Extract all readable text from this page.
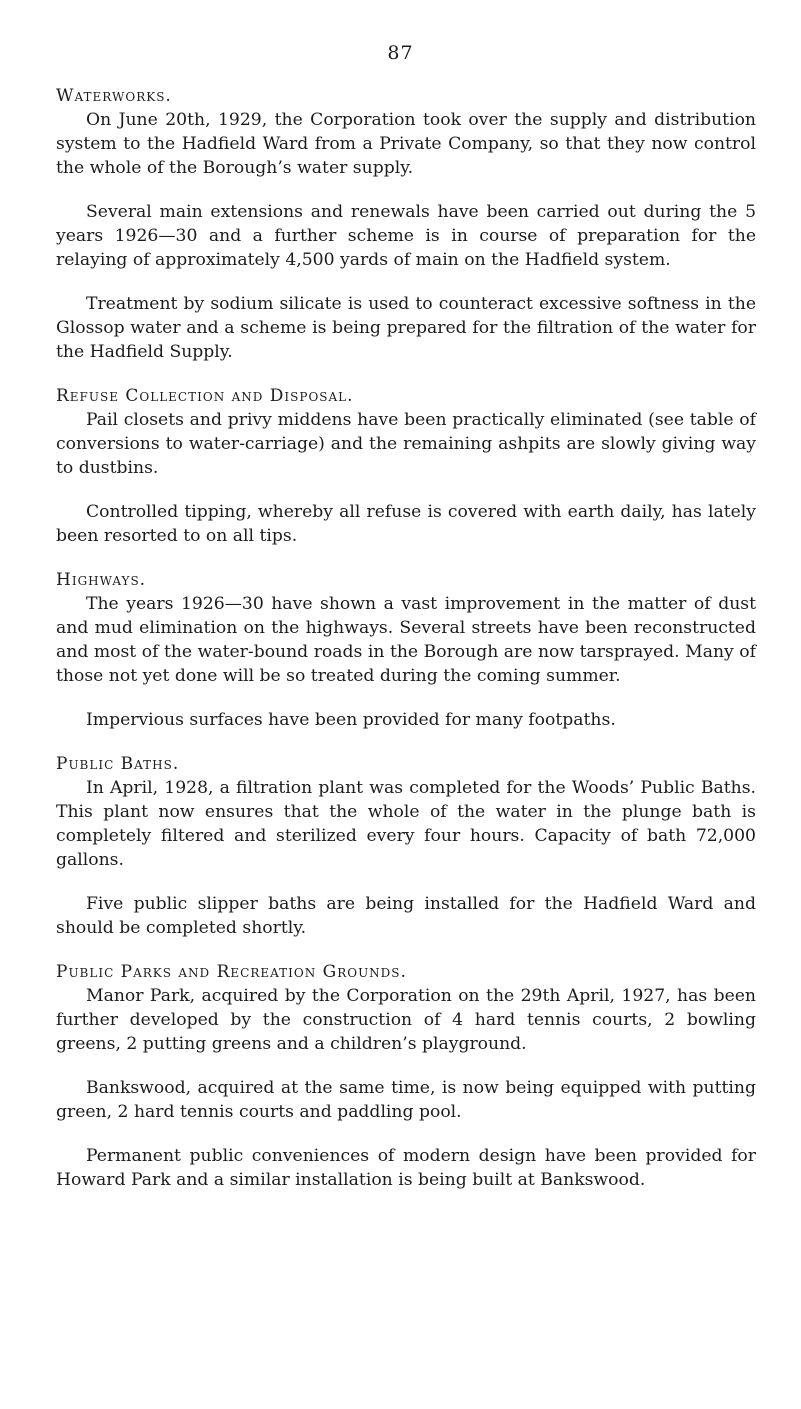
87

Waterworks.

On June 20th, 1929, the Corporation took over the supply and distribution system to the Hadfield Ward from a Private Company, so that they now control the whole of the Borough’s water supply.

Several main extensions and renewals have been carried out during the 5 years 1926—30 and a further scheme is in course of preparation for the relaying of approximately 4,500 yards of main on the Hadfield system.

Treatment by sodium silicate is used to counteract excessive softness in the Glossop water and a scheme is being prepared for the filtration of the water for the Hadfield Supply.

Refuse Collection and Disposal.

Pail closets and privy middens have been practically eliminated (see table of conversions to water-carriage) and the remaining ashpits are slowly giving way to dustbins.

Controlled tipping, whereby all refuse is covered with earth daily, has lately been resorted to on all tips.

Highways.

The years 1926—30 have shown a vast improvement in the matter of dust and mud elimination on the highways. Several streets have been reconstructed and most of the water-bound roads in the Borough are now tarsprayed. Many of those not yet done will be so treated during the coming summer.

Impervious surfaces have been provided for many footpaths.

Public Baths.

In April, 1928, a filtration plant was completed for the Woods’ Public Baths. This plant now ensures that the whole of the water in the plunge bath is completely filtered and sterilized every four hours. Capacity of bath 72,000 gallons.

Five public slipper baths are being installed for the Hadfield Ward and should be completed shortly.

Public Parks and Recreation Grounds.

Manor Park, acquired by the Corporation on the 29th April, 1927, has been further developed by the construction of 4 hard tennis courts, 2 bowling greens, 2 putting greens and a children’s playground.

Bankswood, acquired at the same time, is now being equipped with putting green, 2 hard tennis courts and paddling pool.

Permanent public conveniences of modern design have been provided for Howard Park and a similar installation is being built at Bankswood.
